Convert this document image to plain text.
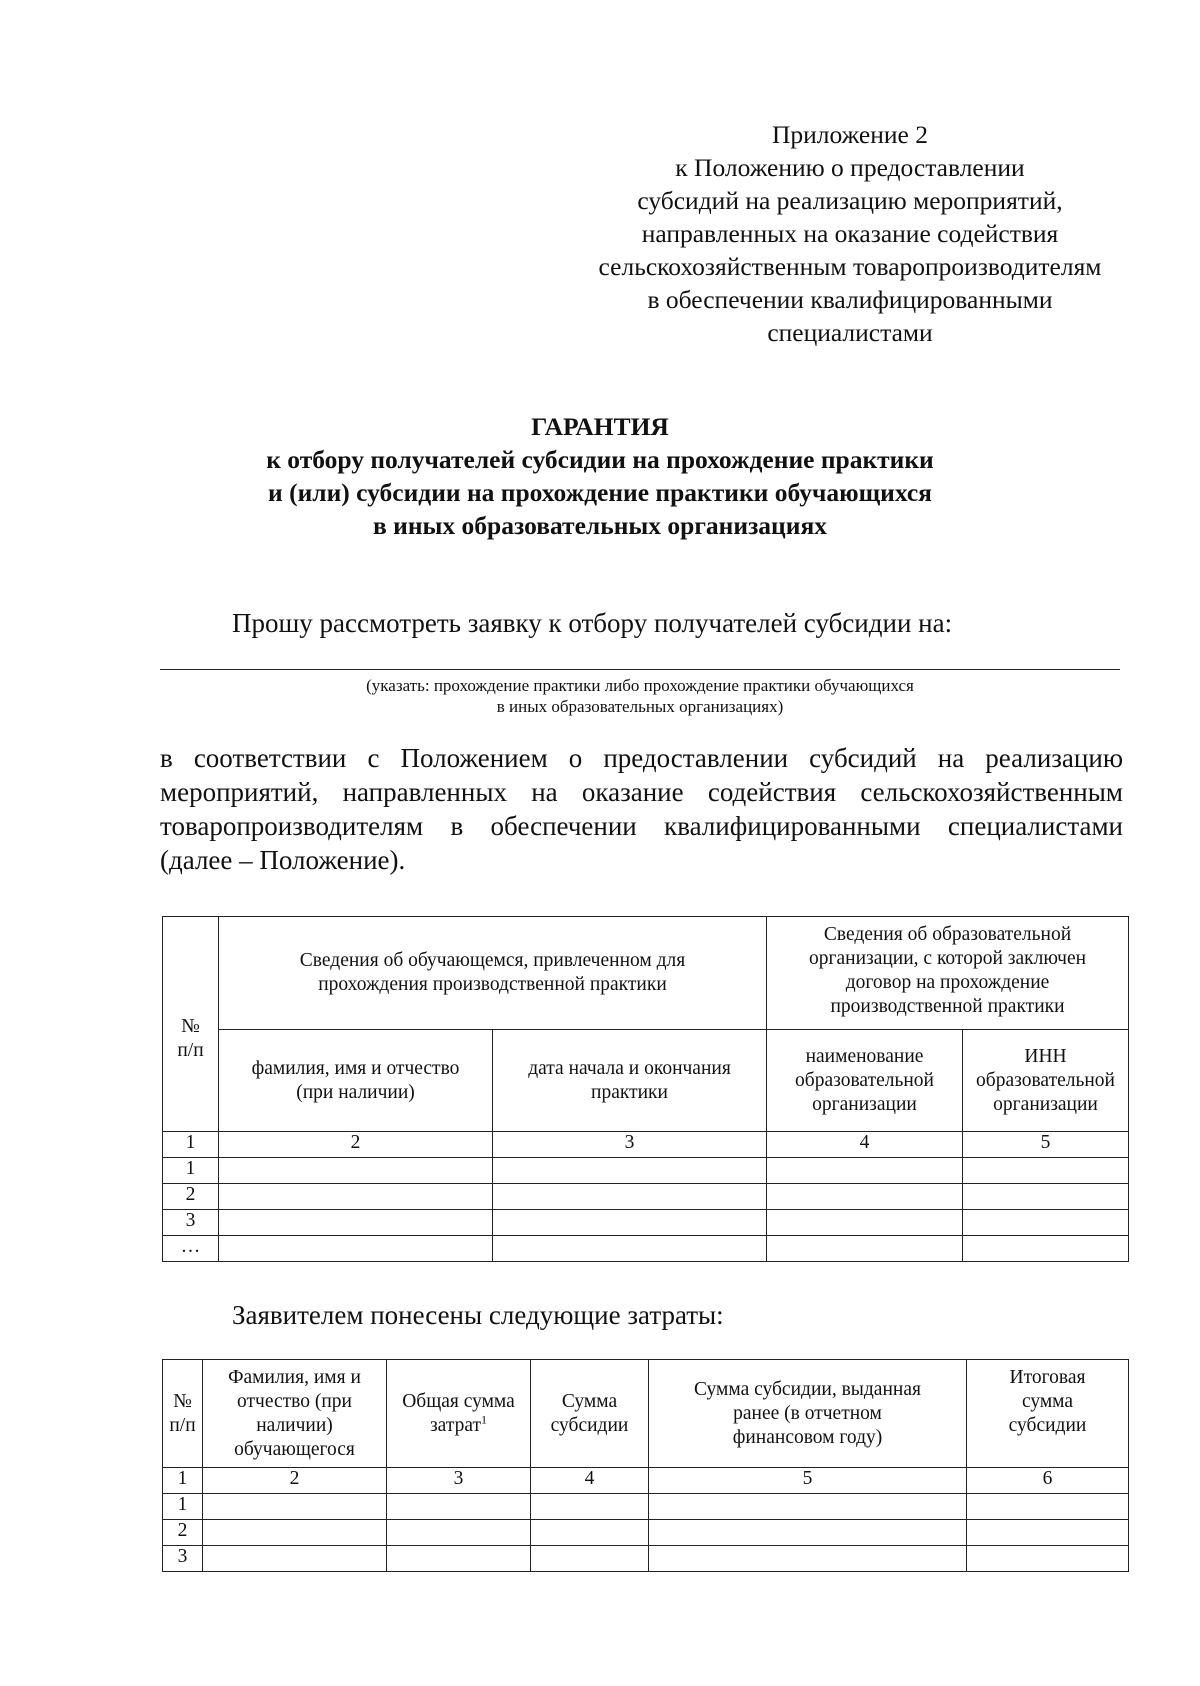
Приложение 2
к Положению о предоставлении
субсидий на реализацию мероприятий,
направленных на оказание содействия
сельскохозяйственным товаропроизводителям
в обеспечении квалифицированными
специалистами
ГАРАНТИЯ
к отбору получателей субсидии на прохождение практики
и (или) субсидии на прохождение практики обучающихся
в иных образовательных организациях
Прошу рассмотреть заявку к отбору получателей субсидии на:
(указать: прохождение практики либо прохождение практики обучающихся
в иных образовательных организациях)
в соответствии с Положением о предоставлении субсидий на реализацию
мероприятий, направленных на оказание содействия сельскохозяйственным
товаропроизводителям в обеспечении квалифицированными специалистами
(далее – Положение).
№
п/п	Сведения об обучающемся, привлеченном для прохождения производственной практики		Сведения об образовательной организации, с которой заключен договор на прохождение производственной практики	
	фамилия, имя и отчество (при наличии)	дата начала и окончания практики	наименование образовательной организации	ИНН образовательной организации
1	2	3	4	5
1				
2				
3				
…				
Заявителем понесены следующие затраты:
№
п/п	Фамилия, имя и отчество (при наличии) обучающегося	Общая сумма затрат$^1$	Сумма субсидии	Сумма субсидии, выданная ранее (в отчетном финансовом году)	Итоговая сумма субсидии
1	2	3	4	5	6
1					
2					
3					
